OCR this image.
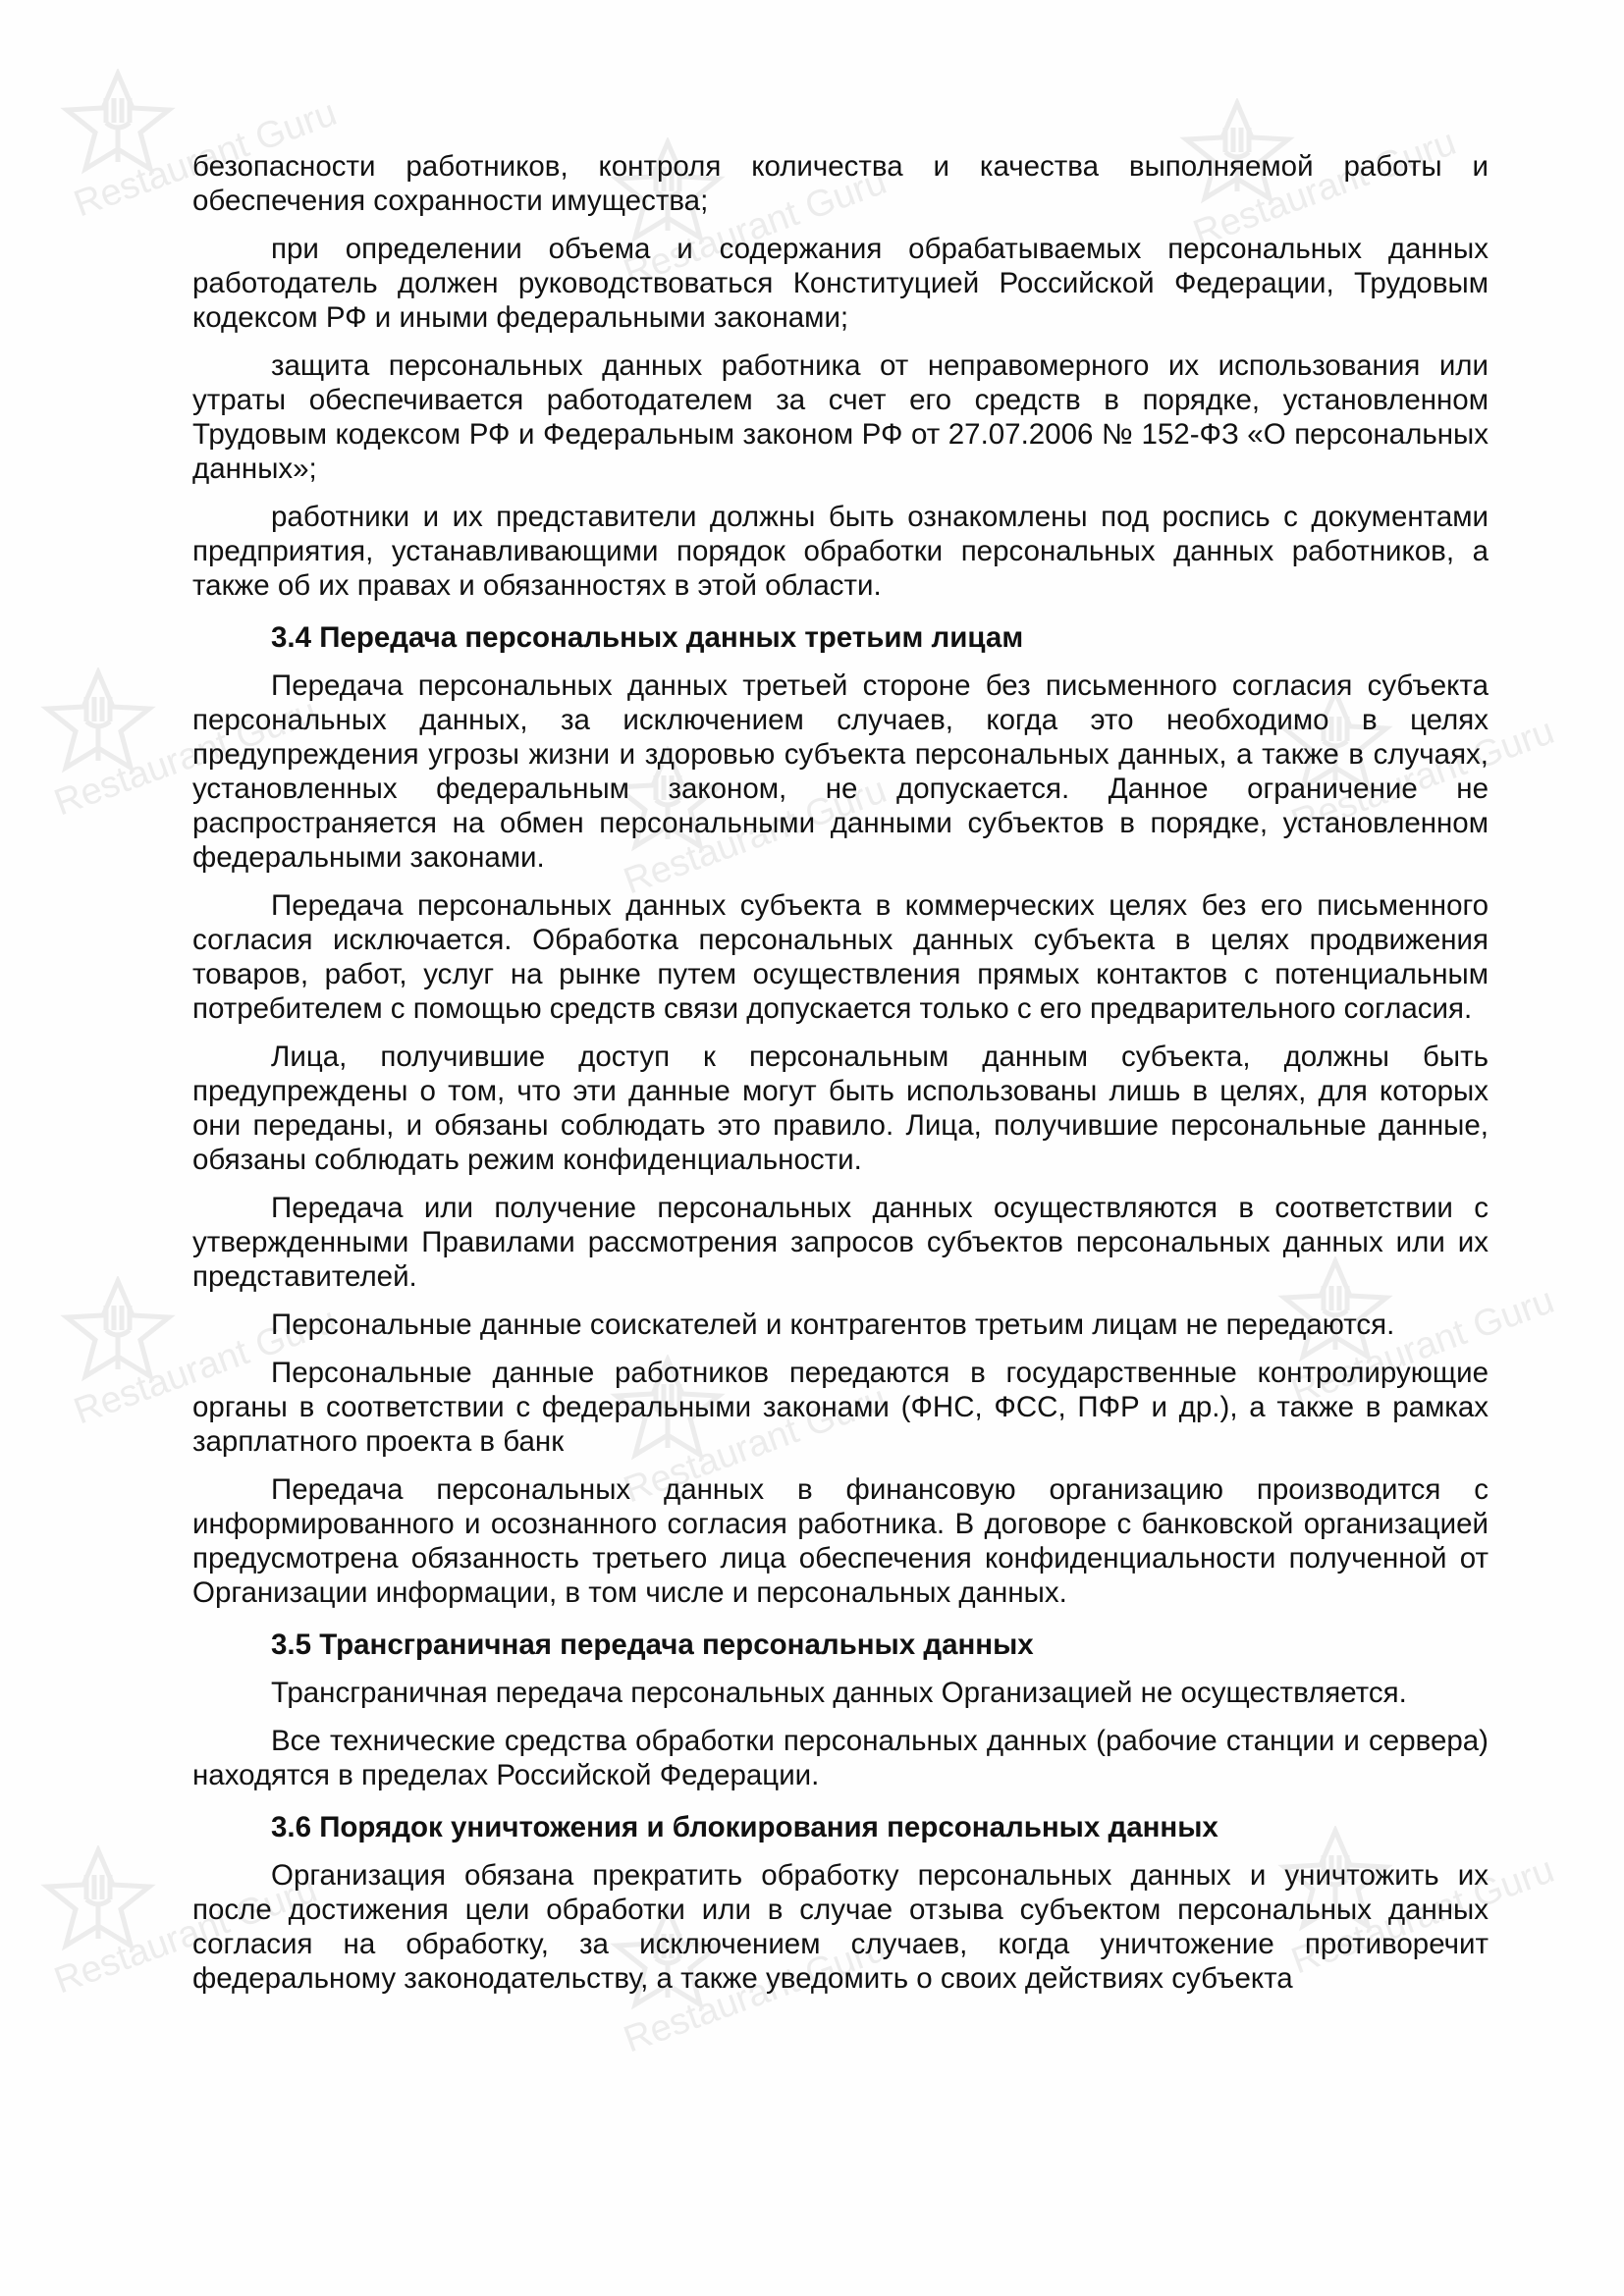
Restaurant Guru
Restaurant Guru	Restaurant Guru
Restaurant Guru
Restaurant Guru	Restaurant Guru
Restaurant Guru
Restaurant Guru
Restaurant Guru
Restaurant Guru	Restaurant Guru
Restaurant Guru

безопасности работников, контроля количества и качества выполняемой работы и обеспечения сохранности имущества;

при определении объема и содержания обрабатываемых персональных данных работодатель должен руководствоваться Конституцией Российской Федерации, Трудовым кодексом РФ и иными федеральными законами;

защита персональных данных работника от неправомерного их использования или утраты обеспечивается работодателем за счет его средств в порядке, установленном Трудовым кодексом РФ и Федеральным законом РФ от 27.07.2006 № 152-ФЗ «О персональных данных»;

работники и их представители должны быть ознакомлены под роспись с документами предприятия, устанавливающими порядок обработки персональных данных работников, а также об их правах и обязанностях в этой области.

3.4 Передача персональных данных третьим лицам

Передача персональных данных третьей стороне без письменного согласия субъекта персональных данных, за исключением случаев, когда это необходимо в целях предупреждения угрозы жизни и здоровью субъекта персональных данных, а также в случаях, установленных федеральным законом, не допускается. Данное ограничение не распространяется на обмен персональными данными субъектов в порядке, установленном федеральными законами.

Передача персональных данных субъекта в коммерческих целях без его письменного согласия исключается. Обработка персональных данных субъекта в целях продвижения товаров, работ, услуг на рынке путем осуществления прямых контактов с потенциальным потребителем с помощью средств связи допускается только с его предварительного согласия.

Лица, получившие доступ к персональным данным субъекта, должны быть предупреждены о том, что эти данные могут быть использованы лишь в целях, для которых они переданы, и обязаны соблюдать это правило. Лица, получившие персональные данные, обязаны соблюдать режим конфиденциальности.

Передача или получение персональных данных осуществляются в соответствии с утвержденными Правилами рассмотрения запросов субъектов персональных данных или их представителей.

Персональные данные соискателей и контрагентов третьим лицам не передаются.

Персональные данные работников передаются в государственные контролирующие органы в соответствии с федеральными законами (ФНС, ФСС, ПФР и др.), а также в рамках зарплатного проекта в банк

Передача персональных данных в финансовую организацию производится с информированного и осознанного согласия работника. В договоре с банковской организацией предусмотрена обязанность третьего лица обеспечения конфиденциальности полученной от Организации информации, в том числе и персональных данных.

3.5 Трансграничная передача персональных данных

Трансграничная передача персональных данных Организацией не осуществляется.

Все технические средства обработки персональных данных (рабочие станции и сервера) находятся в пределах Российской Федерации.

3.6 Порядок уничтожения и блокирования персональных данных

Организация обязана прекратить обработку персональных данных и уничтожить их после достижения цели обработки или в случае отзыва субъектом персональных данных согласия на обработку, за исключением случаев, когда уничтожение противоречит федеральному законодательству, а также уведомить о своих действиях субъекта
